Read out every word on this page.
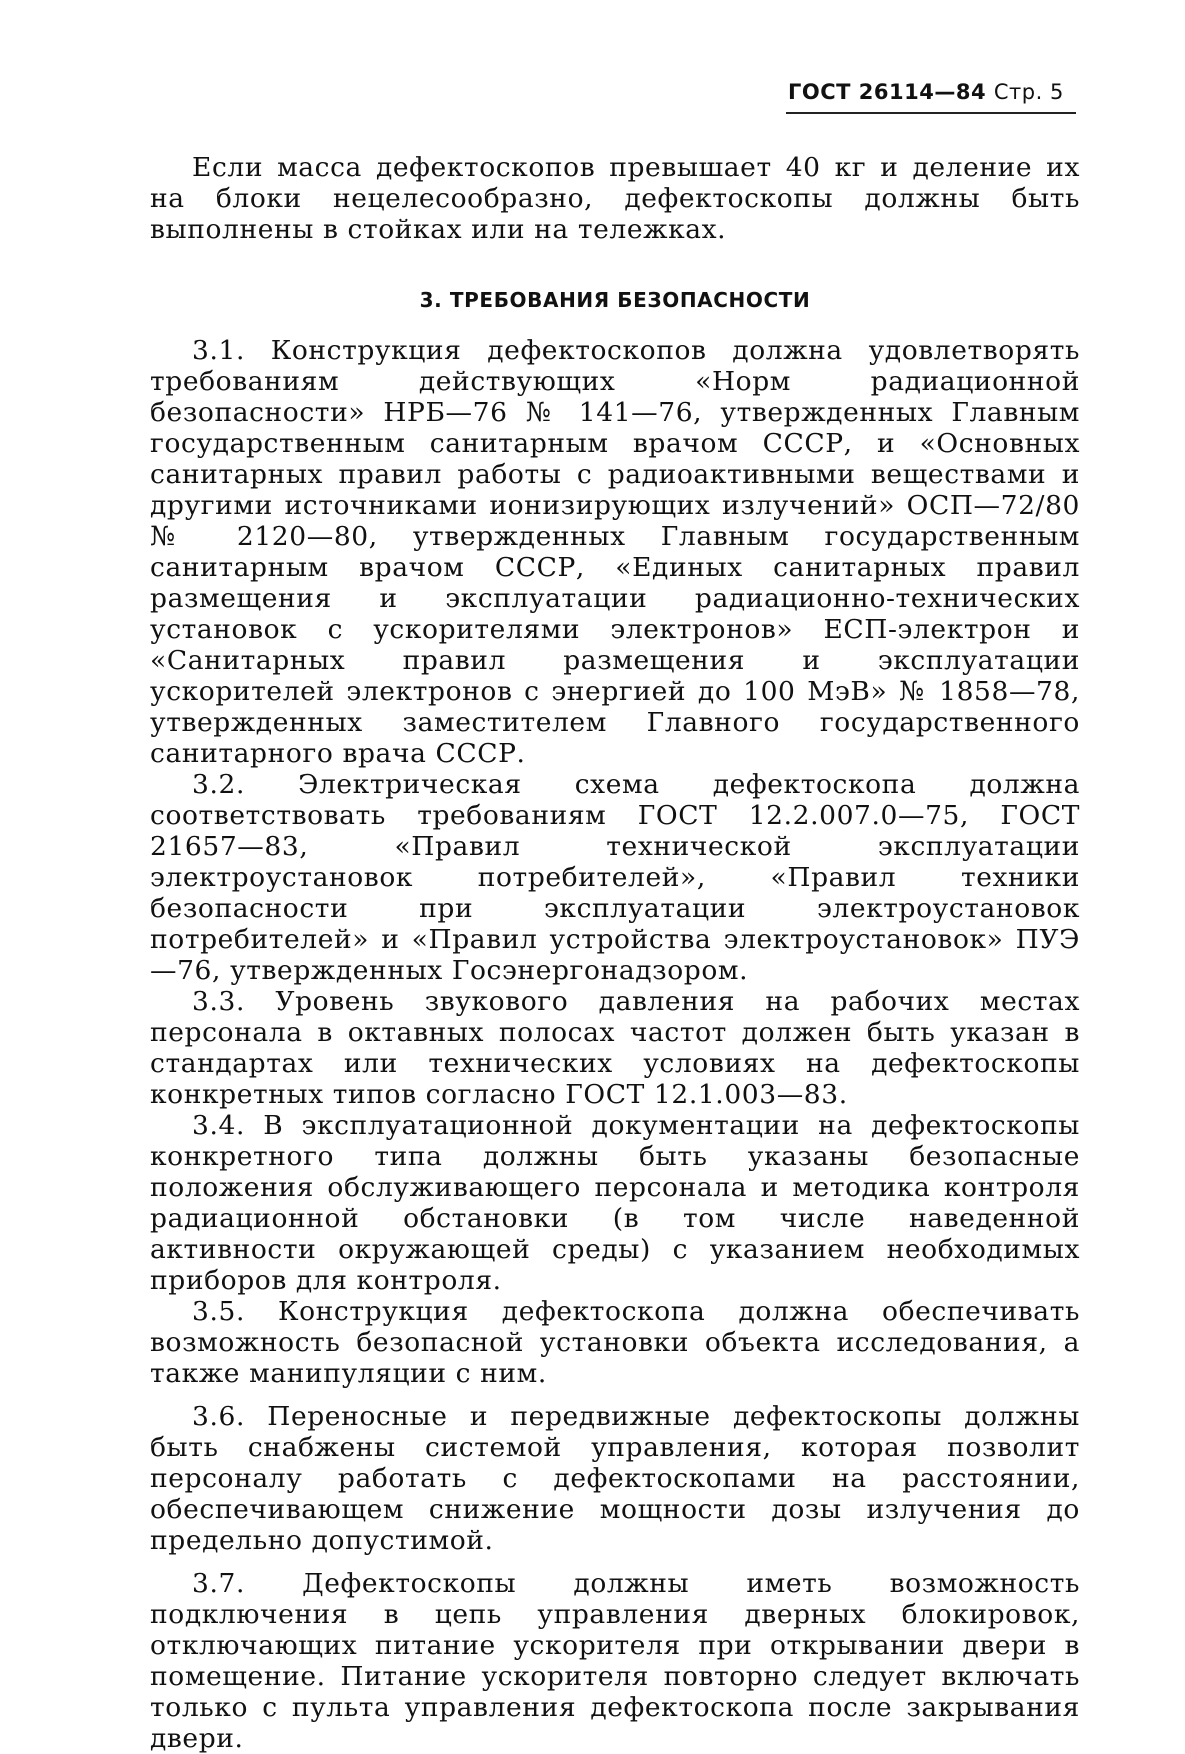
ГОСТ 26114—84 Стр. 5

Если масса дефектоскопов превышает 40 кг и деление их на блоки нецелесообразно, дефектоскопы должны быть выполнены в стойках или на тележках.

3. ТРЕБОВАНИЯ БЕЗОПАСНОСТИ

3.1. Конструкция дефектоскопов должна удовлетворять требованиям действующих «Норм радиационной безопасности» НРБ—76 № 141—76, утвержденных Главным государственным санитарным врачом СССР, и «Основных санитарных правил работы с радиоактивными веществами и другими источниками ионизирующих излучений» ОСП—72/80 № 2120—80, утвержденных Главным государственным санитарным врачом СССР, «Единых санитарных правил размещения и эксплуатации радиационно-технических установок с ускорителями электронов» ЕСП-электрон и «Санитарных правил размещения и эксплуатации ускорителей электронов с энергией до 100 МэВ» № 1858—78, утвержденных заместителем Главного государственного санитарного врача СССР.

3.2. Электрическая схема дефектоскопа должна соответствовать требованиям ГОСТ 12.2.007.0—75, ГОСТ 21657—83, «Правил технической эксплуатации электроустановок потребителей», «Правил техники безопасности при эксплуатации электроустановок потребителей» и «Правил устройства электроустановок» ПУЭ—76, утвержденных Госэнергонадзором.

3.3. Уровень звукового давления на рабочих местах персонала в октавных полосах частот должен быть указан в стандартах или технических условиях на дефектоскопы конкретных типов согласно ГОСТ 12.1.003—83.

3.4. В эксплуатационной документации на дефектоскопы конкретного типа должны быть указаны безопасные положения обслуживающего персонала и методика контроля радиационной обстановки (в том числе наведенной активности окружающей среды) с указанием необходимых приборов для контроля.

3.5. Конструкция дефектоскопа должна обеспечивать возможность безопасной установки объекта исследования, а также манипуляции с ним.

3.6. Переносные и передвижные дефектоскопы должны быть снабжены системой управления, которая позволит персоналу работать с дефектоскопами на расстоянии, обеспечивающем снижение мощности дозы излучения до предельно допустимой.

3.7. Дефектоскопы должны иметь возможность подключения в цепь управления дверных блокировок, отключающих питание ускорителя при открывании двери в помещение. Питание ускорителя повторно следует включать только с пульта управления дефектоскопа после закрывания двери.
